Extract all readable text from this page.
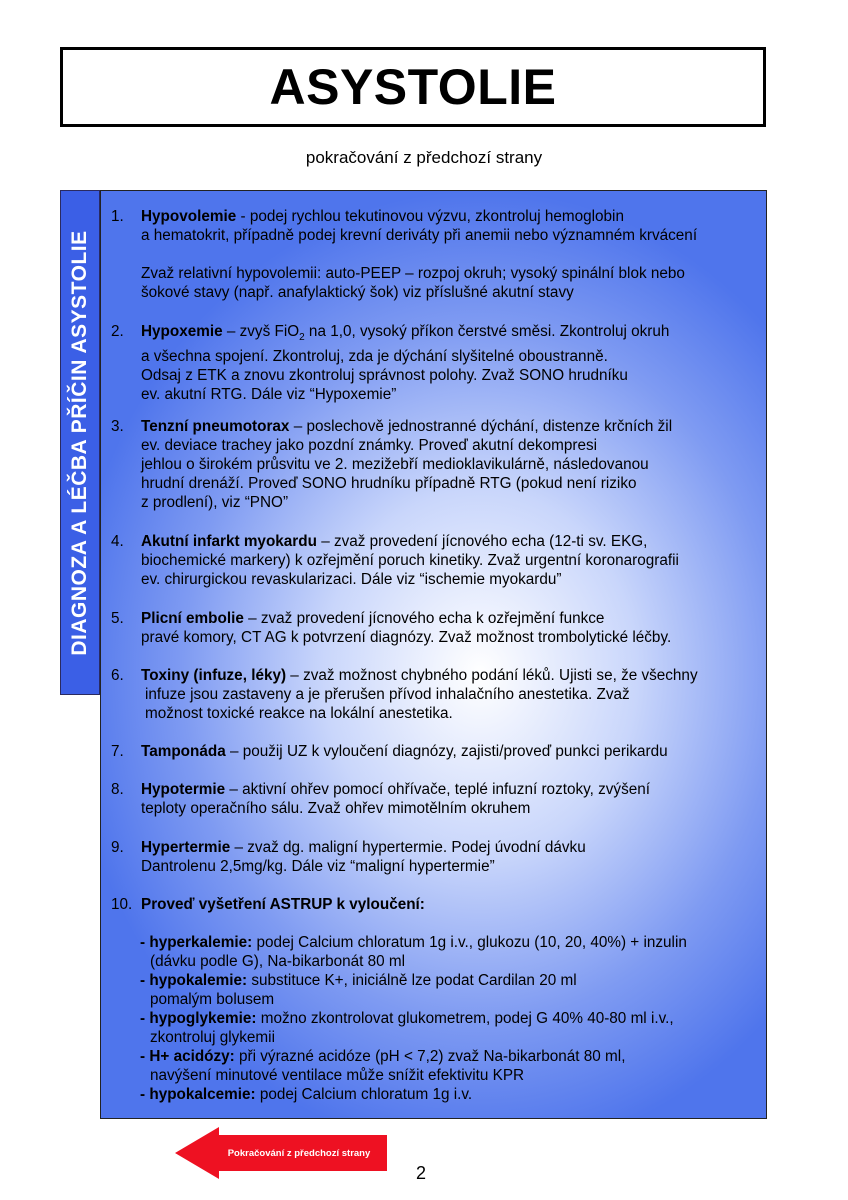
ASYSTOLIE
pokračování z předchozí strany
DIAGNOZA A LÉČBA PŘÍČIN ASYSTOLIE
1. Hypovolemie - podej rychlou tekutinovou výzvu, zkontroluj hemoglobin
a hematokrit, případně podej krevní deriváty při anemii nebo významném krvácení
Zvaž relativní hypovolemii: auto-PEEP – rozpoj okruh; vysoký spinální blok nebo
šokové stavy (např. anafylaktický šok) viz příslušné akutní stavy
2. Hypoxemie – zvyš FiO$_2$ na 1,0, vysoký příkon čerstvé směsi. Zkontroluj okruh
a všechna spojení. Zkontroluj, zda je dýchání slyšitelné oboustranně.
Odsaj z ETK a znovu zkontroluj správnost polohy. Zvaž SONO hrudníku
ev. akutní RTG. Dále viz “Hypoxemie”
3. Tenzní pneumotorax – poslechově jednostranné dýchání, distenze krčních žil
ev. deviace trachey jako pozdní známky. Proveď akutní dekompresi
jehlou o širokém průsvitu ve 2. mezižebří medioklavikulárně, následovanou
hrudní drenáží. Proveď SONO hrudníku případně RTG (pokud není riziko
z prodlení), viz “PNO”
4. Akutní infarkt myokardu – zvaž provedení jícnového echa (12-ti sv. EKG,
biochemické markery) k ozřejmění poruch kinetiky. Zvaž urgentní koronarografii
ev. chirurgickou revaskularizaci. Dále viz “ischemie myokardu”
5. Plicní embolie – zvaž provedení jícnového echa k ozřejmění funkce
pravé komory, CT AG k potvrzení diagnózy. Zvaž možnost trombolytické léčby.
6. Toxiny (infuze, léky) – zvaž možnost chybného podání léků. Ujisti se, že všechny
infuze jsou zastaveny a je přerušen přívod inhalačního anestetika. Zvaž
možnost toxické reakce na lokální anestetika.
7. Tamponáda – použij UZ k vyloučení diagnózy, zajisti/proveď punkci perikardu
8. Hypotermie – aktivní ohřev pomocí ohřívače, teplé infuzní roztoky, zvýšení
teploty operačního sálu. Zvaž ohřev mimotělním okruhem
9. Hypertermie – zvaž dg. maligní hypertermie. Podej úvodní dávku
Dantrolenu 2,5mg/kg. Dále viz “maligní hypertermie”
10. Proveď vyšetření ASTRUP k vyloučení:
- hyperkalemie: podej Calcium chloratum 1g i.v., glukozu (10, 20, 40%) + inzulin
(dávku podle G), Na-bikarbonát 80 ml
- hypokalemie: substituce K+, iniciálně lze podat Cardilan 20 ml
pomalým bolusem
- hypoglykemie: možno zkontrolovat glukometrem, podej G 40% 40-80 ml i.v.,
zkontroluj glykemii
- H+ acidózy: při výrazné acidóze (pH < 7,2) zvaž Na-bikarbonát 80 ml,
navýšení minutové ventilace může snížit efektivitu KPR
- hypokalcemie: podej Calcium chloratum 1g i.v.
Pokračování z předchozí strany
2
